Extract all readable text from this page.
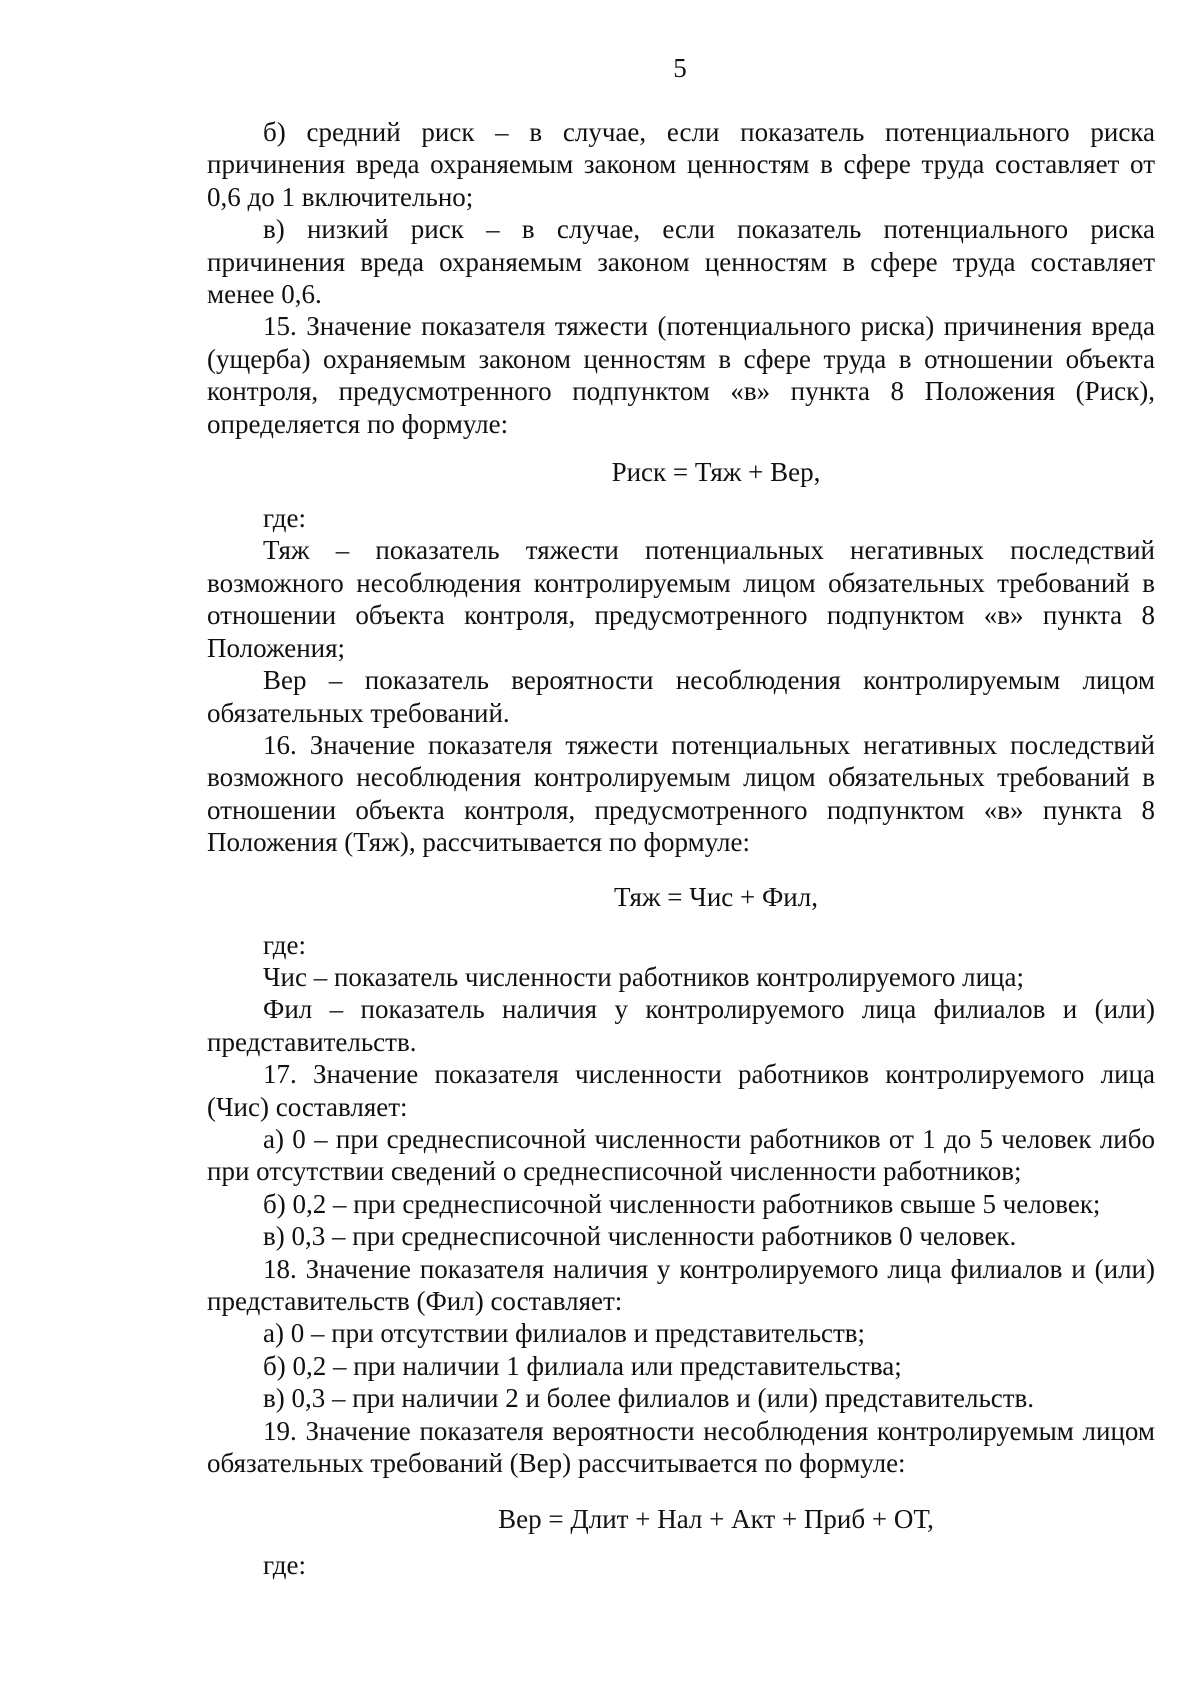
5

б) средний риск – в случае, если показатель потенциального риска причинения вреда охраняемым законом ценностям в сфере труда составляет от 0,6 до 1 включительно;

в) низкий риск – в случае, если показатель потенциального риска причинения вреда охраняемым законом ценностям в сфере труда составляет менее 0,6.

15. Значение показателя тяжести (потенциального риска) причинения вреда (ущерба) охраняемым законом ценностям в сфере труда в отношении объекта контроля, предусмотренного подпунктом «в» пункта 8 Положения (Риск), определяется по формуле:

Риск = Тяж + Вер,

где:

Тяж – показатель тяжести потенциальных негативных последствий возможного несоблюдения контролируемым лицом обязательных требований в отношении объекта контроля, предусмотренного подпунктом «в» пункта 8 Положения;

Вер – показатель вероятности несоблюдения контролируемым лицом обязательных требований.

16. Значение показателя тяжести потенциальных негативных последствий возможного несоблюдения контролируемым лицом обязательных требований в отношении объекта контроля, предусмотренного подпунктом «в» пункта 8 Положения (Тяж), рассчитывается по формуле:

Тяж = Чис + Фил,

где:

Чис – показатель численности работников контролируемого лица;

Фил – показатель наличия у контролируемого лица филиалов и (или) представительств.

17. Значение показателя численности работников контролируемого лица (Чис) составляет:

а) 0 – при среднесписочной численности работников от 1 до 5 человек либо при отсутствии сведений о среднесписочной численности работников;

б) 0,2 – при среднесписочной численности работников свыше 5 человек;

в) 0,3 – при среднесписочной численности работников 0 человек.

18. Значение показателя наличия у контролируемого лица филиалов и (или) представительств (Фил) составляет:

а) 0 – при отсутствии филиалов и представительств;

б) 0,2 – при наличии 1 филиала или представительства;

в) 0,3 – при наличии 2 и более филиалов и (или) представительств.

19. Значение показателя вероятности несоблюдения контролируемым лицом обязательных требований (Вер) рассчитывается по формуле:

Вер = Длит + Нал + Акт + Приб + ОТ,

где:
